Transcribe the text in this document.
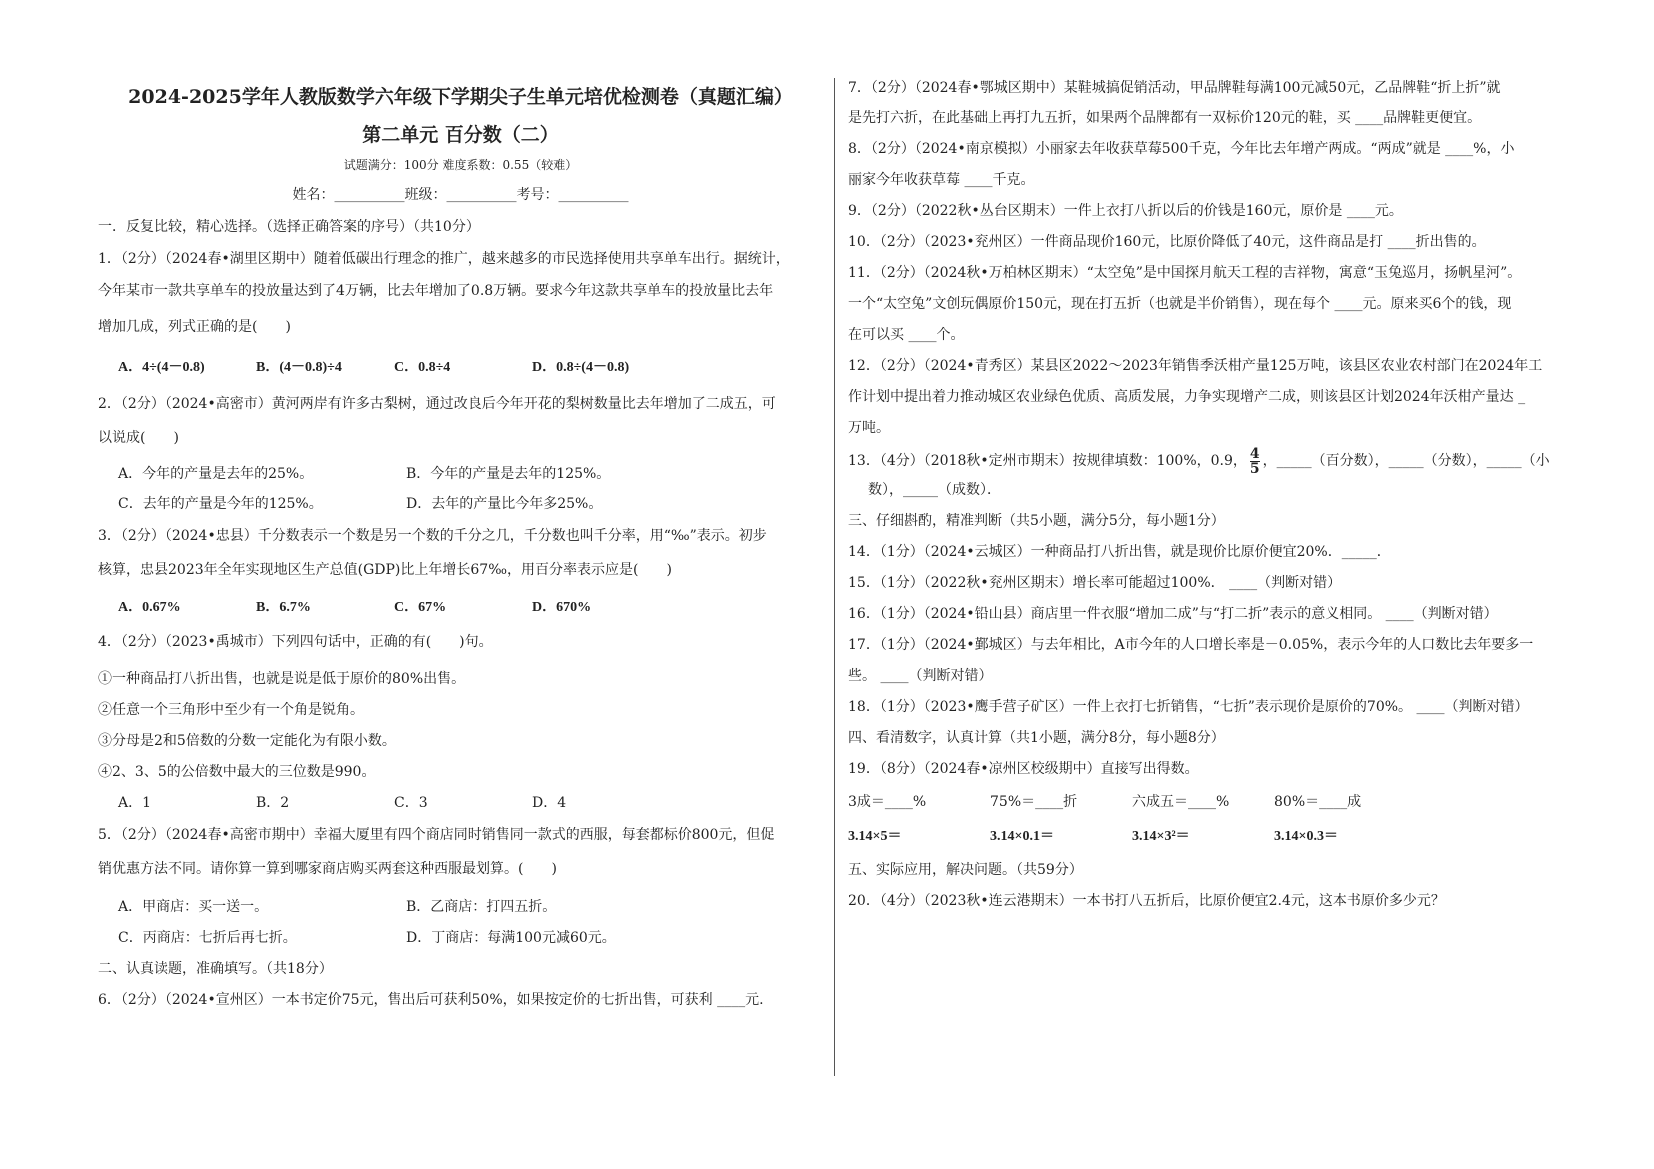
2024-2025学年人教版数学六年级下学期尖子生单元培优检测卷（真题汇编）
第二单元 百分数（二）
试题满分：100分 难度系数：0.55（较难）
姓名：__________班级：__________考号：__________
一．反复比较，精心选择。（选择正确答案的序号）（共10分）
1．（2分）（2024春•湖里区期中）随着低碳出行理念的推广，越来越多的市民选择使用共享单车出行。据统计，
今年某市一款共享单车的投放量达到了4万辆，比去年增加了0.8万辆。要求今年这款共享单车的投放量比去年
增加几成，列式正确的是(　　)
A．4÷(4－0.8)	B．(4－0.8)÷4	C．0.8÷4	D．0.8÷(4－0.8)
2．（2分）（2024•高密市）黄河两岸有许多古梨树，通过改良后今年开花的梨树数量比去年增加了二成五，可
以说成(　　)
A．今年的产量是去年的25%。	B．今年的产量是去年的125%。
C．去年的产量是今年的125%。	D．去年的产量比今年多25%。
3．（2分）（2024•忠县）千分数表示一个数是另一个数的千分之几，千分数也叫千分率，用“‰”表示。初步
核算，忠县2023年全年实现地区生产总值(GDP)比上年增长67‰，用百分率表示应是(　　)
A．0.67%	B．6.7%	C．67%	D．670%
4．（2分）（2023•禹城市）下列四句话中，正确的有(　　)句。
①一种商品打八折出售，也就是说是低于原价的80%出售。
②任意一个三角形中至少有一个角是锐角。
③分母是2和5倍数的分数一定能化为有限小数。
④2、3、5的公倍数中最大的三位数是990。
A．1	B．2	C．3	D．4
5．（2分）（2024春•高密市期中）幸福大厦里有四个商店同时销售同一款式的西服，每套都标价800元，但促
销优惠方法不同。请你算一算到哪家商店购买两套这种西服最划算。(　　)
A．甲商店：买一送一。	B．乙商店：打四五折。
C．丙商店：七折后再七折。	D．丁商店：每满100元减60元。
二、认真读题，准确填写。（共18分）
6．（2分）（2024•宣州区）一本书定价75元，售出后可获利50%，如果按定价的七折出售，可获利 ____元.
7．（2分）（2024春•鄂城区期中）某鞋城搞促销活动，甲品牌鞋每满100元减50元，乙品牌鞋“折上折”就
是先打六折，在此基础上再打九五折，如果两个品牌都有一双标价120元的鞋，买 ____品牌鞋更便宜。
8．（2分）（2024•南京模拟）小丽家去年收获草莓500千克，今年比去年增产两成。“两成”就是 ____%，小
丽家今年收获草莓 ____千克。
9．（2分）（2022秋•丛台区期末）一件上衣打八折以后的价钱是160元，原价是 ____元。
10．（2分）（2023•兖州区）一件商品现价160元，比原价降低了40元，这件商品是打 ____折出售的。
11．（2分）（2024秋•万柏林区期末）“太空兔”是中国探月航天工程的吉祥物，寓意“玉兔巡月，扬帆星河”。
一个“太空兔”文创玩偶原价150元，现在打五折（也就是半价销售），现在每个 ____元。原来买6个的钱，现
在可以买 ____个。
12．（2分）（2024•青秀区）某县区2022～2023年销售季沃柑产量125万吨，该县区农业农村部门在2024年工
作计划中提出着力推动城区农业绿色优质、高质发展，力争实现增产二成，则该县区计划2024年沃柑产量达 _
万吨。
13．（4分）（2018秋•定州市期末）按规律填数：100%，0.9， $\frac{4}{5}$ ，_____（百分数），_____（分数），_____（小
数），_____（成数）．
三、仔细斟酌，精准判断（共5小题，满分5分，每小题1分）
14．（1分）（2024•云城区）一种商品打八折出售，就是现价比原价便宜20%．_____．
15．（1分）（2022秋•兖州区期末）增长率可能超过100%． ____（判断对错）
16．（1分）（2024•铅山县）商店里一件衣服“增加二成”与“打二折”表示的意义相同。 ____（判断对错）
17．（1分）（2024•鄞城区）与去年相比，A市今年的人口增长率是－0.05%，表示今年的人口数比去年要多一
些。 ____（判断对错）
18．（1分）（2023•鹰手营子矿区）一件上衣打七折销售，“七折”表示现价是原价的70%。 ____（判断对错）
四、看清数字，认真计算（共1小题，满分8分，每小题8分）
19．（8分）（2024春•凉州区校级期中）直接写出得数。
3成＝____%	75%＝____折	六成五＝____%	80%＝____成
3.14×5＝	3.14×0.1＝	3.14×3²＝	3.14×0.3＝
五、实际应用，解决问题。（共59分）
20．（4分）（2023秋•连云港期末）一本书打八五折后，比原价便宜2.4元，这本书原价多少元？
